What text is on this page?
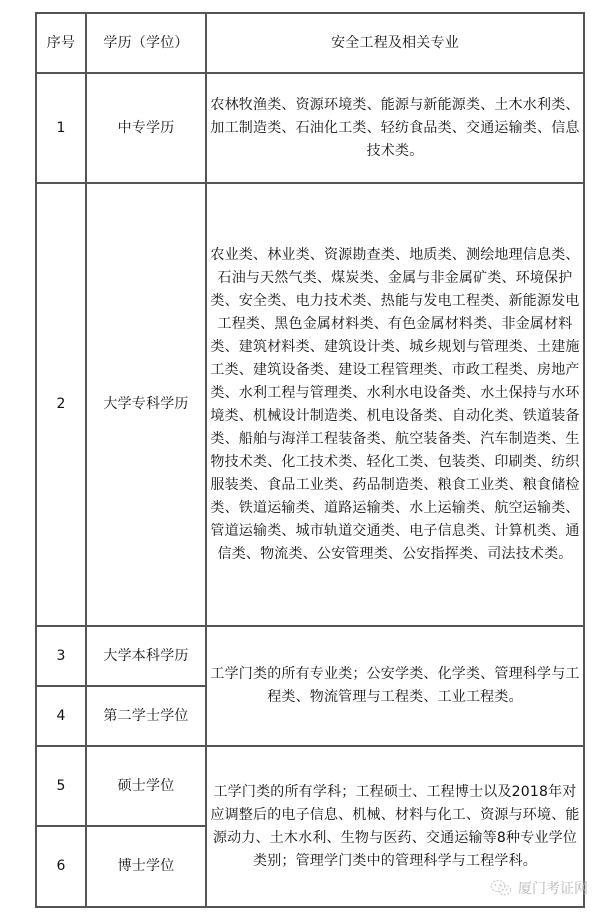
序号	学历（学位）	安全工程及相关专业

1	中专学历	农林牧渔类、资源环境类、能源与新能源类、土木水利类、加工制造类、石油化工类、轻纺食品类、交通运输类、信息技术类。

2	大学专科学历	农业类、林业类、资源勘查类、地质类、测绘地理信息类、石油与天然气类、煤炭类、金属与非金属矿类、环境保护类、安全类、电力技术类、热能与发电工程类、新能源发电工程类、黑色金属材料类、有色金属材料类、非金属材料类、建筑材料类、建筑设计类、城乡规划与管理类、土建施工类、建筑设备类、建设工程管理类、市政工程类、房地产类、水利工程与管理类、水利水电设备类、水土保持与水环境类、机械设计制造类、机电设备类、自动化类、铁道装备类、船舶与海洋工程装备类、航空装备类、汽车制造类、生物技术类、化工技术类、轻化工类、包装类、印刷类、纺织服装类、食品工业类、药品制造类、粮食工业类、粮食储检类、铁道运输类、道路运输类、水上运输类、航空运输类、管道运输类、城市轨道交通类、电子信息类、计算机类、通信类、物流类、公安管理类、公安指挥类、司法技术类。

3	大学本科学历	工学门类的所有专业类；公安学类、化学类、管理科学与工程类、物流管理与工程类、工业工程类。

4	第二学士学位	

5	硕士学位	工学门类的所有学科；工程硕士、工程博士以及2018年对应调整后的电子信息、机械、材料与化工、资源与环境、能源动力、土木水利、生物与医药、交通运输等8种专业学位类别；管理学门类中的管理科学与工程学科。

6	博士学位	
厦门考证网
